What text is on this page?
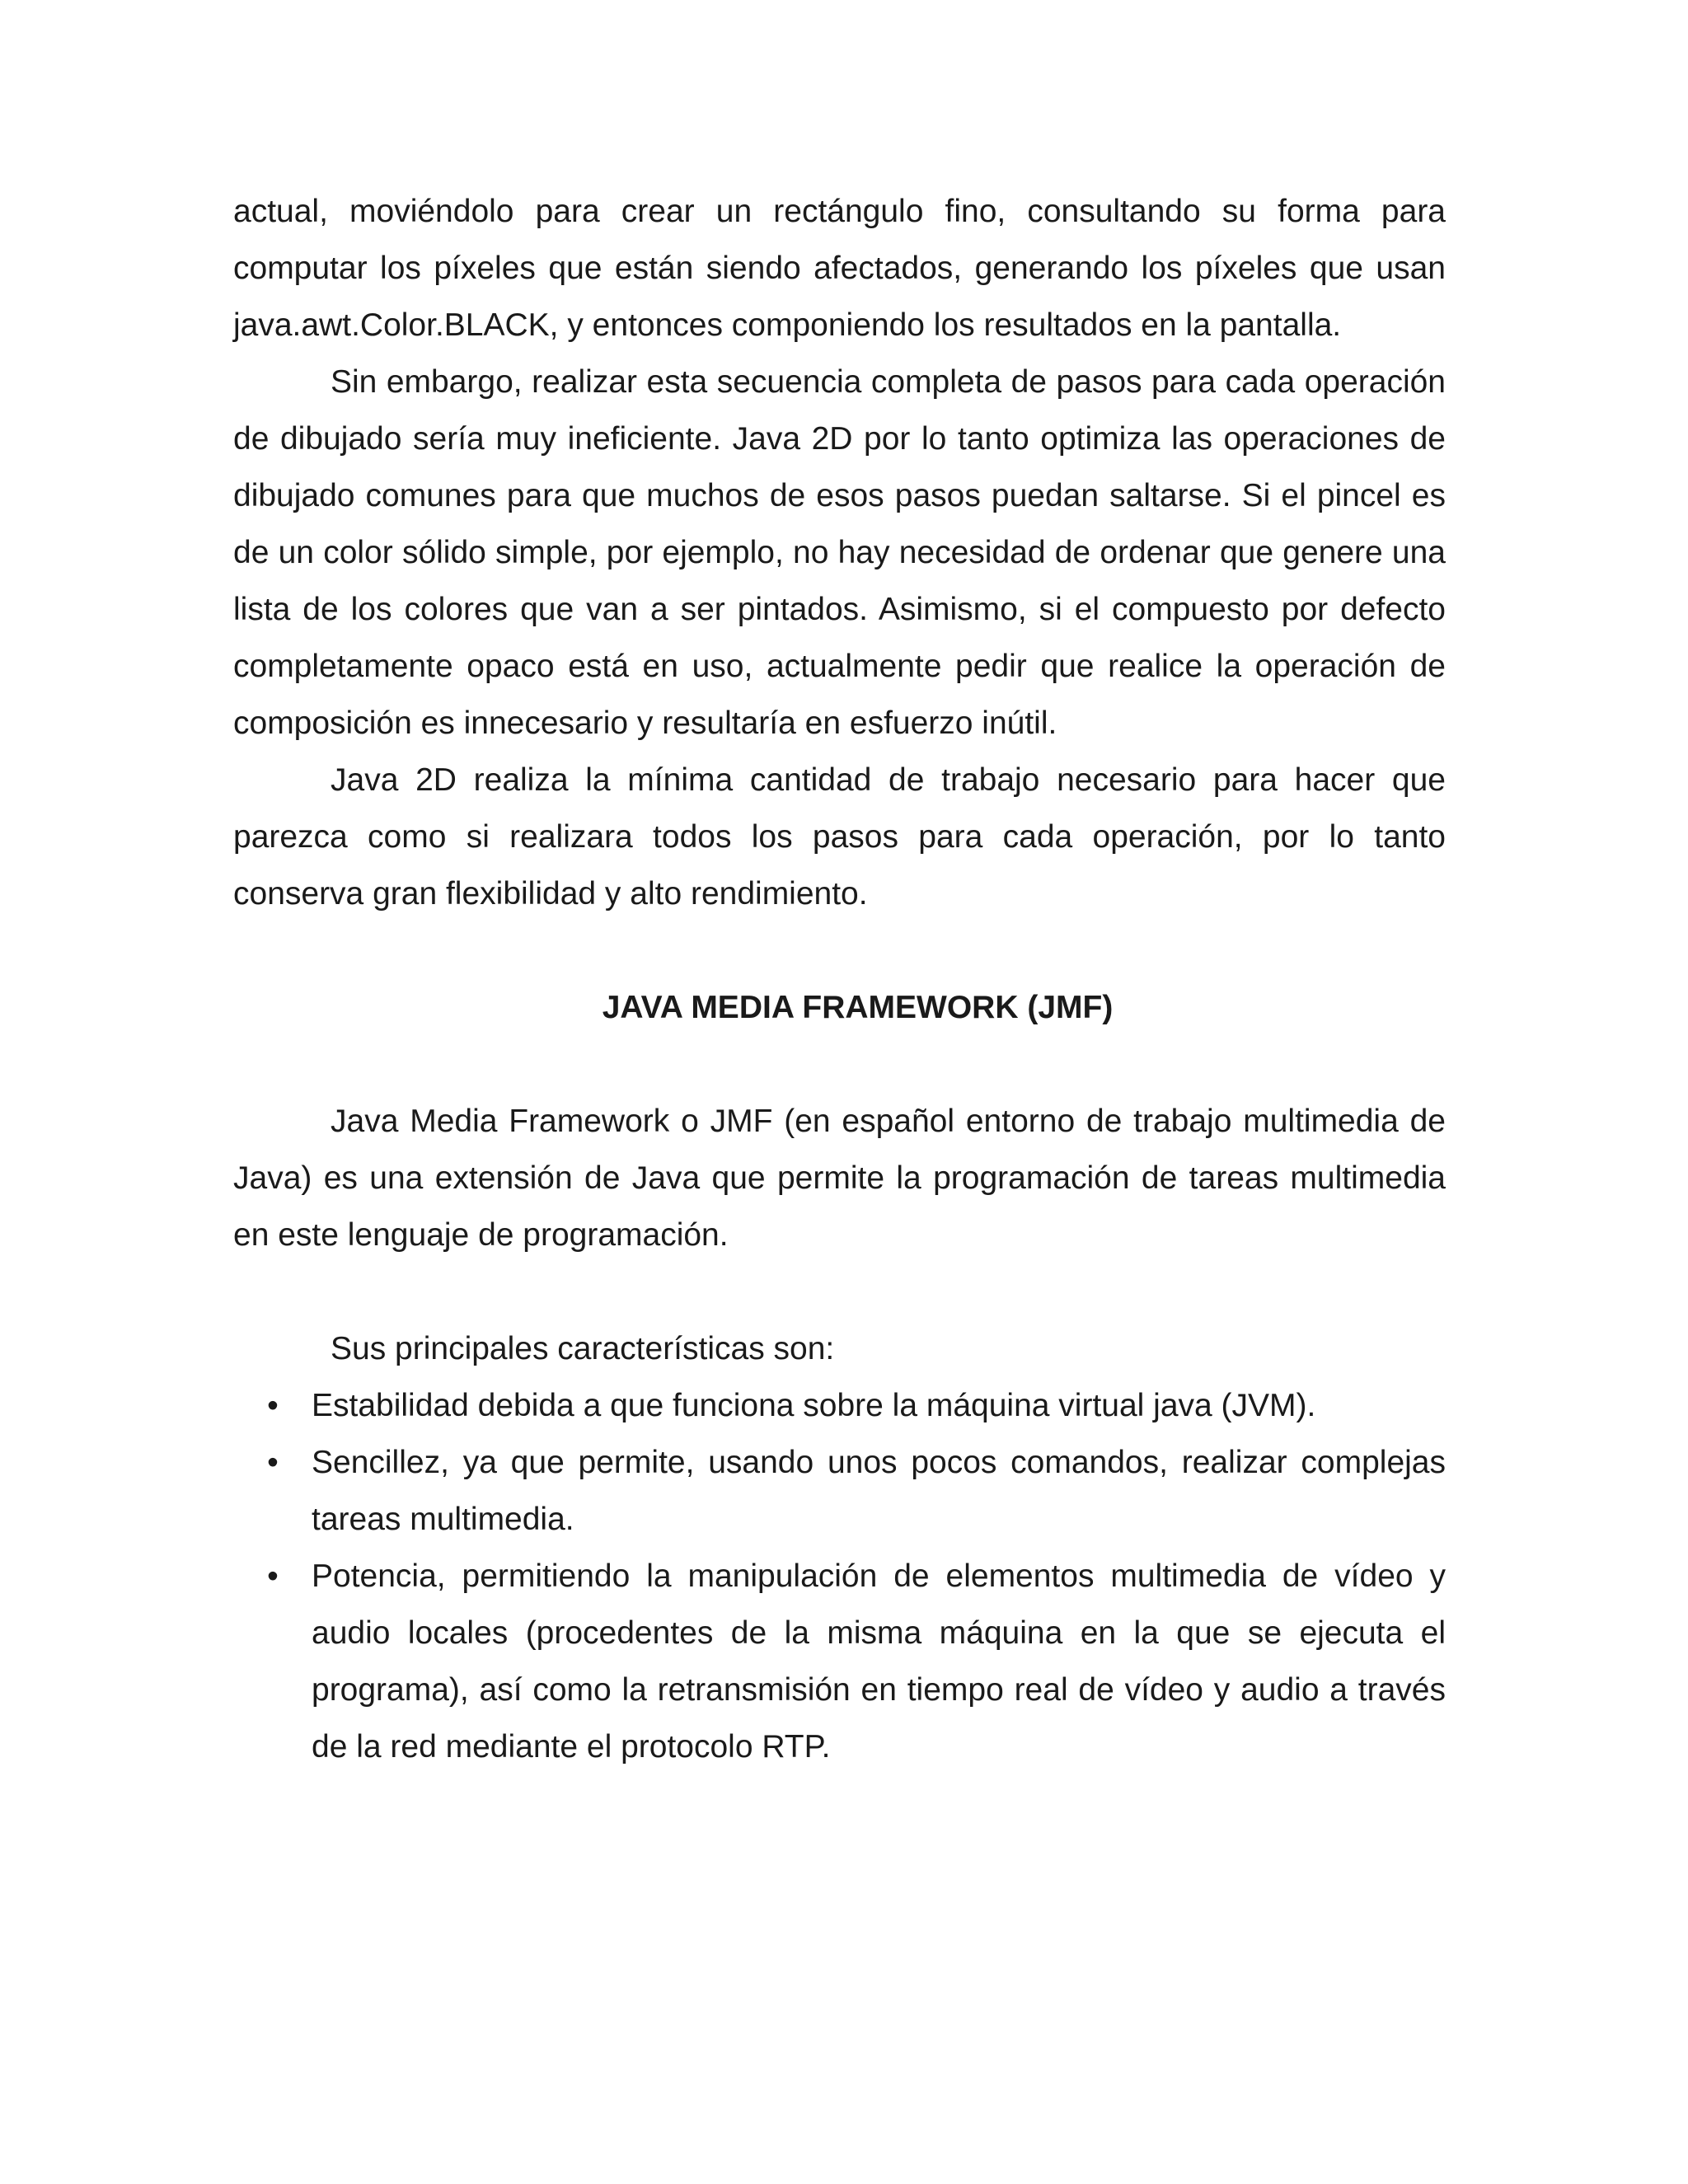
actual, moviéndolo para crear un rectángulo fino, consultando su forma para computar los píxeles que están siendo afectados, generando los píxeles que usan java.awt.Color.BLACK, y entonces componiendo los resultados en la pantalla.

Sin embargo, realizar esta secuencia completa de pasos para cada operación de dibujado sería muy ineficiente. Java 2D por lo tanto optimiza las operaciones de dibujado comunes para que muchos de esos pasos puedan saltarse. Si el pincel es de un color sólido simple, por ejemplo, no hay necesidad de ordenar que genere una lista de los colores que van a ser pintados. Asimismo, si el compuesto por defecto completamente opaco está en uso, actualmente pedir que realice la operación de composición es innecesario y resultaría en esfuerzo inútil.

Java 2D realiza la mínima cantidad de trabajo necesario para hacer que parezca como si realizara todos los pasos para cada operación, por lo tanto conserva gran flexibilidad y alto rendimiento.

JAVA MEDIA FRAMEWORK (JMF)

Java Media Framework o JMF (en español entorno de trabajo multimedia de Java) es una extensión de Java que permite la programación de tareas multimedia en este lenguaje de programación.

Sus principales características son:

• Estabilidad debida a que funciona sobre la máquina virtual java (JVM).
• Sencillez, ya que permite, usando unos pocos comandos, realizar complejas tareas multimedia.
• Potencia, permitiendo la manipulación de elementos multimedia de vídeo y audio locales (procedentes de la misma máquina en la que se ejecuta el programa), así como la retransmisión en tiempo real de vídeo y audio a través de la red mediante el protocolo RTP.
